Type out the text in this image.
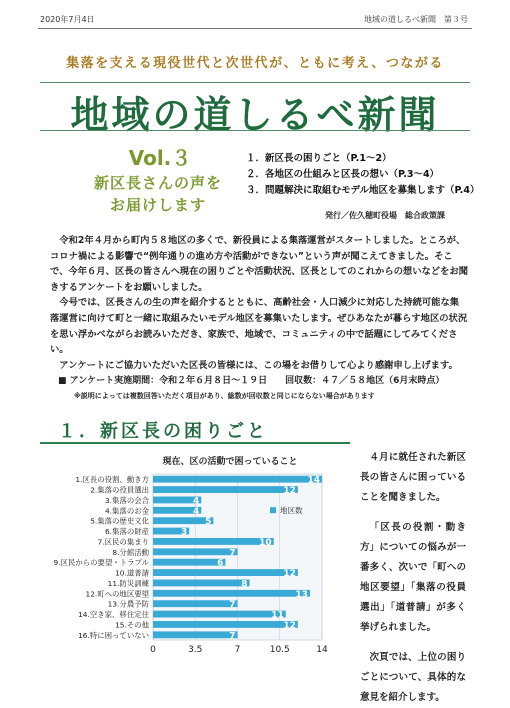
2020年7月4日	地域の道しるべ新聞　第３号
集落を支える現役世代と次世代が、ともに考え、つながる
地域の道しるべ新聞
Vol.３
新区長さんの声を
お届けします
１．新区長の困りごと（P.1～2）
２．各地区の仕組みと区長の想い（P.3～4）
３．問題解決に取組むモデル地区を募集します（P.4）
発行／佐久穂町役場　総合政策課

令和2年４月から町内５８地区の多くで、新役員による集落運営がスタートしました。ところが、コロナ禍による影響で“例年通りの進め方や活動ができない”という声が聞こえてきました。そこで、今年６月、区長の皆さんへ現在の困りごとや活動状況、区長としてのこれからの想いなどをお聞きするアンケートをお願いしました。

今号では、区長さんの生の声を紹介するとともに、高齢社会・人口減少に対応した持続可能な集落運営に向けて町と一緒に取組みたいモデル地区を募集いたします。ぜひあなたが暮らす地区の状況を思い浮かべながらお読みいただき、家族で、地域で、コミュニティの中で話題にしてみてください。

アンケートにご協力いただいた区長の皆様には、この場をお借りして心より感謝申し上げます。

■ アンケート実施期間：令和２年６月８日～１９日　　回収数：４７／５８地区（6月末時点）
※説明によっては複数回答いただく項目があり、総数が回収数と同じにならない場合があります
１．新区長の困りごと
現在、区の活動で困っていること
0	3.5	7	10.5	14
14
1.区長の役割、動き方
12
2.集落の役員選出
4
3.集落の会合
4
4.集落のお金
5
5.集落の歴史文化
3
6.集落の財産
10
7.区民の集まり
7
8.分館活動
6
9.区民からの要望・トラブル
12
10.道普請
8
11.防災訓練
13
12.町への地区要望
7
13.分農予防
11
14.空き家、移住定住
12
15.その他
7
16.特に困っていない
地区数

４月に就任された新区長の皆さんに困っていることを聞きました。

「区長の役割・動き方」についての悩みが一番多く、次いで「町への地区要望」「集落の役員選出」「道普請」が多く挙げられました。

次頁では、上位の困りごとについて、具体的な意見を紹介します。
